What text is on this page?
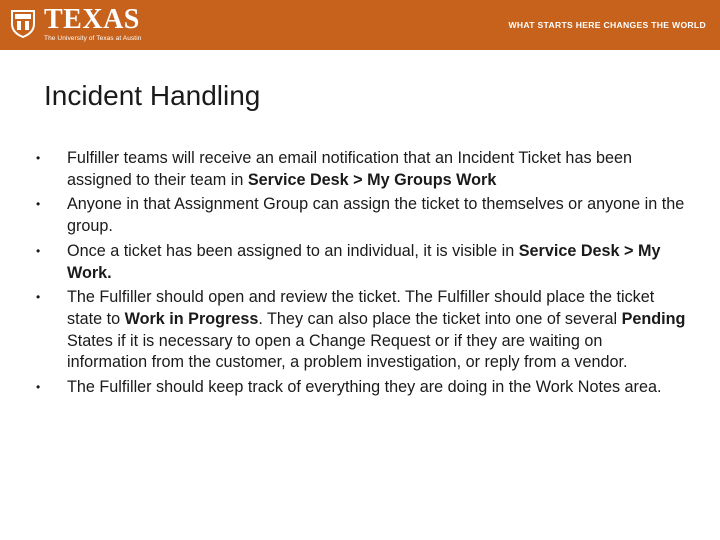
TEXAS
The University of Texas at Austin
WHAT STARTS HERE CHANGES THE WORLD
Incident Handling
• Fulfiller teams will receive an email notification that an Incident Ticket has been assigned to their team in Service Desk > My Groups Work
• Anyone in that Assignment Group can assign the ticket to themselves or anyone in the group.
• Once a ticket has been assigned to an individual, it is visible in Service Desk > My Work.
• The Fulfiller should open and review the ticket. The Fulfiller should place the ticket state to Work in Progress. They can also place the ticket into one of several Pending States if it is necessary to open a Change Request or if they are waiting on information from the customer, a problem investigation, or reply from a vendor.
• The Fulfiller should keep track of everything they are doing in the Work Notes area.
